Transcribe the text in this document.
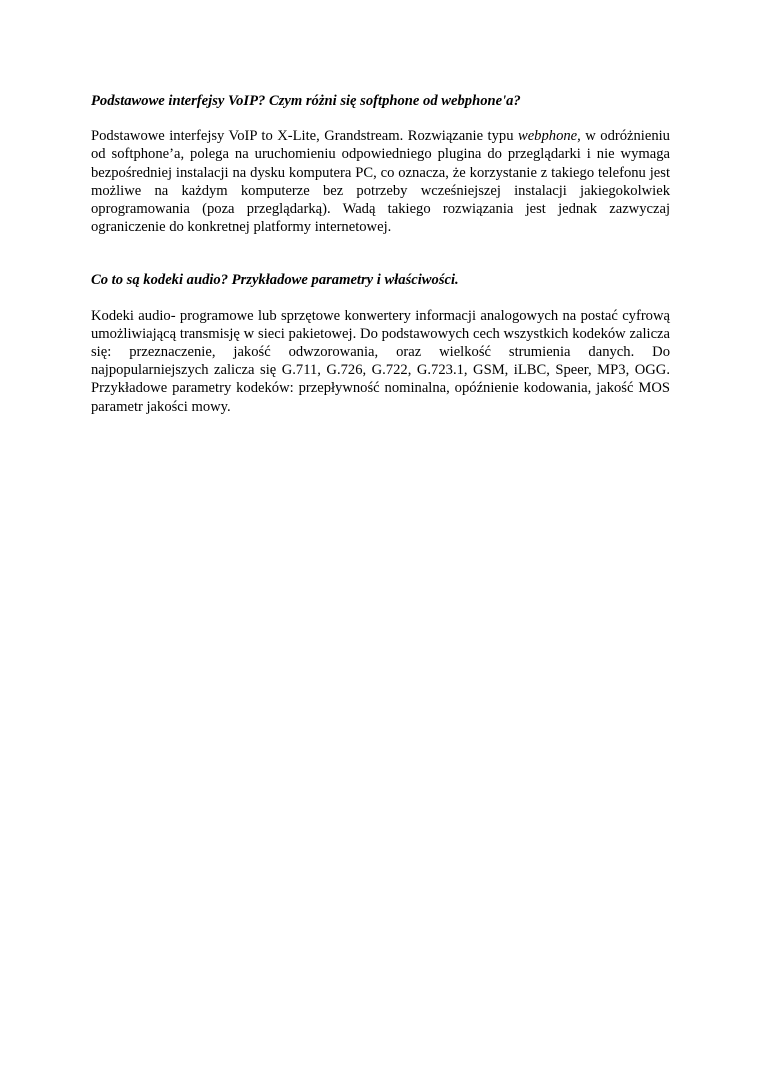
Podstawowe interfejsy VoIP? Czym różni się softphone od webphone'a?

Podstawowe interfejsy VoIP to X-Lite, Grandstream. Rozwiązanie typu webphone, w odróżnieniu od softphone’a, polega na uruchomieniu odpowiedniego plugina do przeglądarki i nie wymaga bezpośredniej instalacji na dysku komputera PC, co oznacza, że korzystanie z takiego telefonu jest możliwe na każdym komputerze bez potrzeby wcześniejszej instalacji jakiegokolwiek oprogramowania (poza przeglądarką). Wadą takiego rozwiązania jest jednak zazwyczaj ograniczenie do konkretnej platformy internetowej.

Co to są kodeki audio? Przykładowe parametry i właściwości.

Kodeki audio- programowe lub sprzętowe konwertery informacji analogowych na postać cyfrową umożliwiającą transmisję w sieci pakietowej. Do podstawowych cech wszystkich kodeków zalicza się: przeznaczenie, jakość odwzorowania, oraz wielkość strumienia danych. Do najpopularniejszych zalicza się G.711, G.726, G.722, G.723.1, GSM, iLBC, Speer, MP3, OGG. Przykładowe parametry kodeków: przepływność nominalna, opóźnienie kodowania, jakość MOS parametr jakości mowy.
